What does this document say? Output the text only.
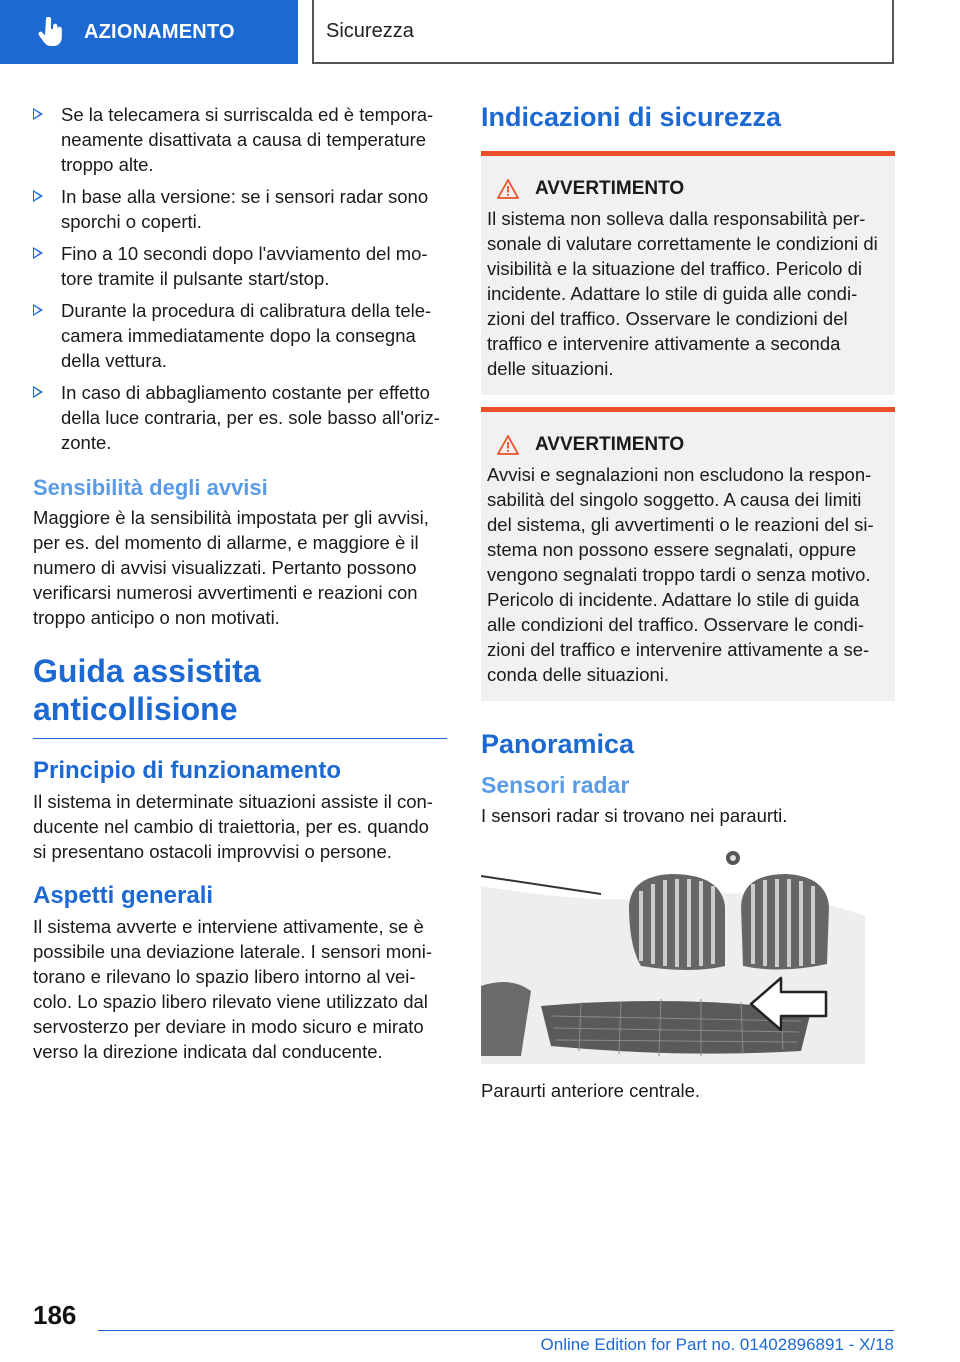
AZIONAMENTO	Sicurezza
Se la telecamera si surriscalda ed è tempora-
neamente disattivata a causa di temperature
troppo alte.
In base alla versione: se i sensori radar sono
sporchi o coperti.
Fino a 10 secondi dopo l'avviamento del mo-
tore tramite il pulsante start/stop.
Durante la procedura di calibratura della tele-
camera immediatamente dopo la consegna
della vettura.
In caso di abbagliamento costante per effetto
della luce contraria, per es. sole basso all'oriz-
zonte.
Sensibilità degli avvisi

Maggiore è la sensibilità impostata per gli avvisi,
per es. del momento di allarme, e maggiore è il
numero di avvisi visualizzati. Pertanto possono
verificarsi numerosi avvertimenti e reazioni con
troppo anticipo o non motivati.

Guida assistita
anticollisione
Principio di funzionamento

Il sistema in determinate situazioni assiste il con-
ducente nel cambio di traiettoria, per es. quando
si presentano ostacoli improvvisi o persone.

Aspetti generali

Il sistema avverte e interviene attivamente, se è
possibile una deviazione laterale. I sensori moni-
torano e rilevano lo spazio libero intorno al vei-
colo. Lo spazio libero rilevato viene utilizzato dal
servosterzo per deviare in modo sicuro e mirato
verso la direzione indicata dal conducente.

Indicazioni di sicurezza
AVVERTIMENTO

Il sistema non solleva dalla responsabilità per-
sonale di valutare correttamente le condizioni di
visibilità e la situazione del traffico. Pericolo di
incidente. Adattare lo stile di guida alle condi-
zioni del traffico. Osservare le condizioni del
traffico e intervenire attivamente a seconda
delle situazioni.

AVVERTIMENTO

Avvisi e segnalazioni non escludono la respon-
sabilità del singolo soggetto. A causa dei limiti
del sistema, gli avvertimenti o le reazioni del si-
stema non possono essere segnalati, oppure
vengono segnalati troppo tardi o senza motivo.
Pericolo di incidente. Adattare lo stile di guida
alle condizioni del traffico. Osservare le condi-
zioni del traffico e intervenire attivamente a se-
conda delle situazioni.

Panoramica
Sensori radar

I sensori radar si trovano nei paraurti.

Paraurti anteriore centrale.

186
Online Edition for Part no. 01402896891 - X/18
